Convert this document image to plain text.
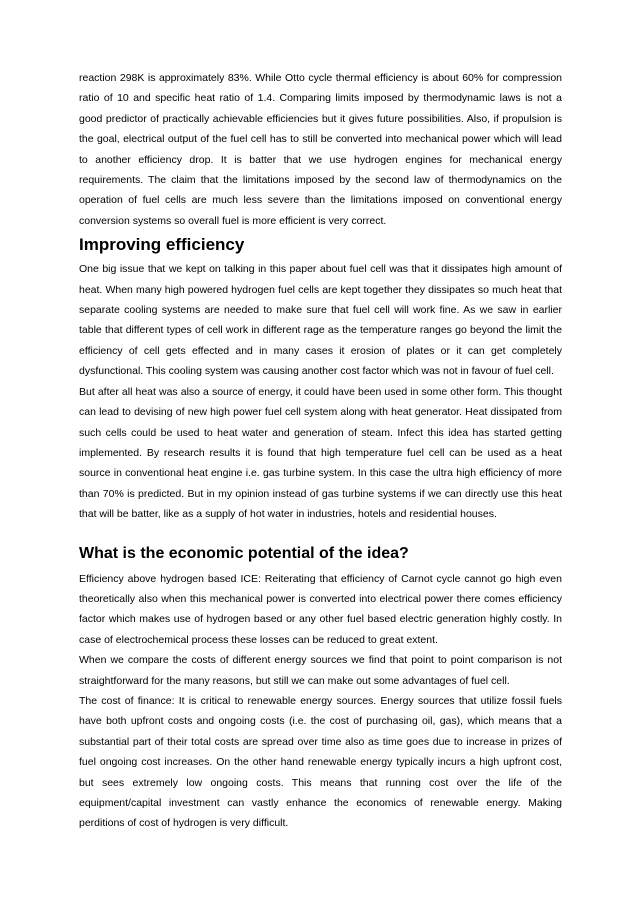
reaction 298K is approximately 83%. While Otto cycle thermal efficiency is about 60% for compression ratio of 10 and specific heat ratio of 1.4. Comparing limits imposed by thermodynamic laws is not a good predictor of practically achievable efficiencies but it gives future possibilities. Also, if propulsion is the goal, electrical output of the fuel cell has to still be converted into mechanical power which will lead to another efficiency drop. It is batter that we use hydrogen engines for mechanical energy requirements. The claim that the limitations imposed by the second law of thermodynamics on the operation of fuel cells are much less severe than the limitations imposed on conventional energy conversion systems so overall fuel is more efficient is very correct.

Improving efficiency

One big issue that we kept on talking in this paper about fuel cell was that it dissipates high amount of heat. When many high powered hydrogen fuel cells are kept together they dissipates so much heat that separate cooling systems are needed to make sure that fuel cell will work fine. As we saw in earlier table that different types of cell work in different rage as the temperature ranges go beyond the limit the efficiency of cell gets effected and in many cases it erosion of plates or it can get completely dysfunctional. This cooling system was causing another cost factor which was not in favour of fuel cell.

But after all heat was also a source of energy, it could have been used in some other form. This thought can lead to devising of new high power fuel cell system along with heat generator. Heat dissipated from such cells could be used to heat water and generation of steam. Infect this idea has started getting implemented. By research results it is found that high temperature fuel cell can be used as a heat source in conventional heat engine i.e. gas turbine system. In this case the ultra high efficiency of more than 70% is predicted. But in my opinion instead of gas turbine systems if we can directly use this heat that will be batter, like as a supply of hot water in industries, hotels and residential houses.

What is the economic potential of the idea?

Efficiency above hydrogen based ICE: Reiterating that efficiency of Carnot cycle cannot go high even theoretically also when this mechanical power is converted into electrical power there comes efficiency factor which makes use of hydrogen based or any other fuel based electric generation highly costly. In case of electrochemical process these losses can be reduced to great extent.

When we compare the costs of different energy sources we find that point to point comparison is not straightforward for the many reasons, but still we can make out some advantages of fuel cell.

The cost of finance: It is critical to renewable energy sources. Energy sources that utilize fossil fuels have both upfront costs and ongoing costs (i.e. the cost of purchasing oil, gas), which means that a substantial part of their total costs are spread over time also as time goes due to increase in prizes of fuel ongoing cost increases. On the other hand renewable energy typically incurs a high upfront cost, but sees extremely low ongoing costs. This means that running cost over the life of the equipment/capital investment can vastly enhance the economics of renewable energy. Making perditions of cost of hydrogen is very difficult.
